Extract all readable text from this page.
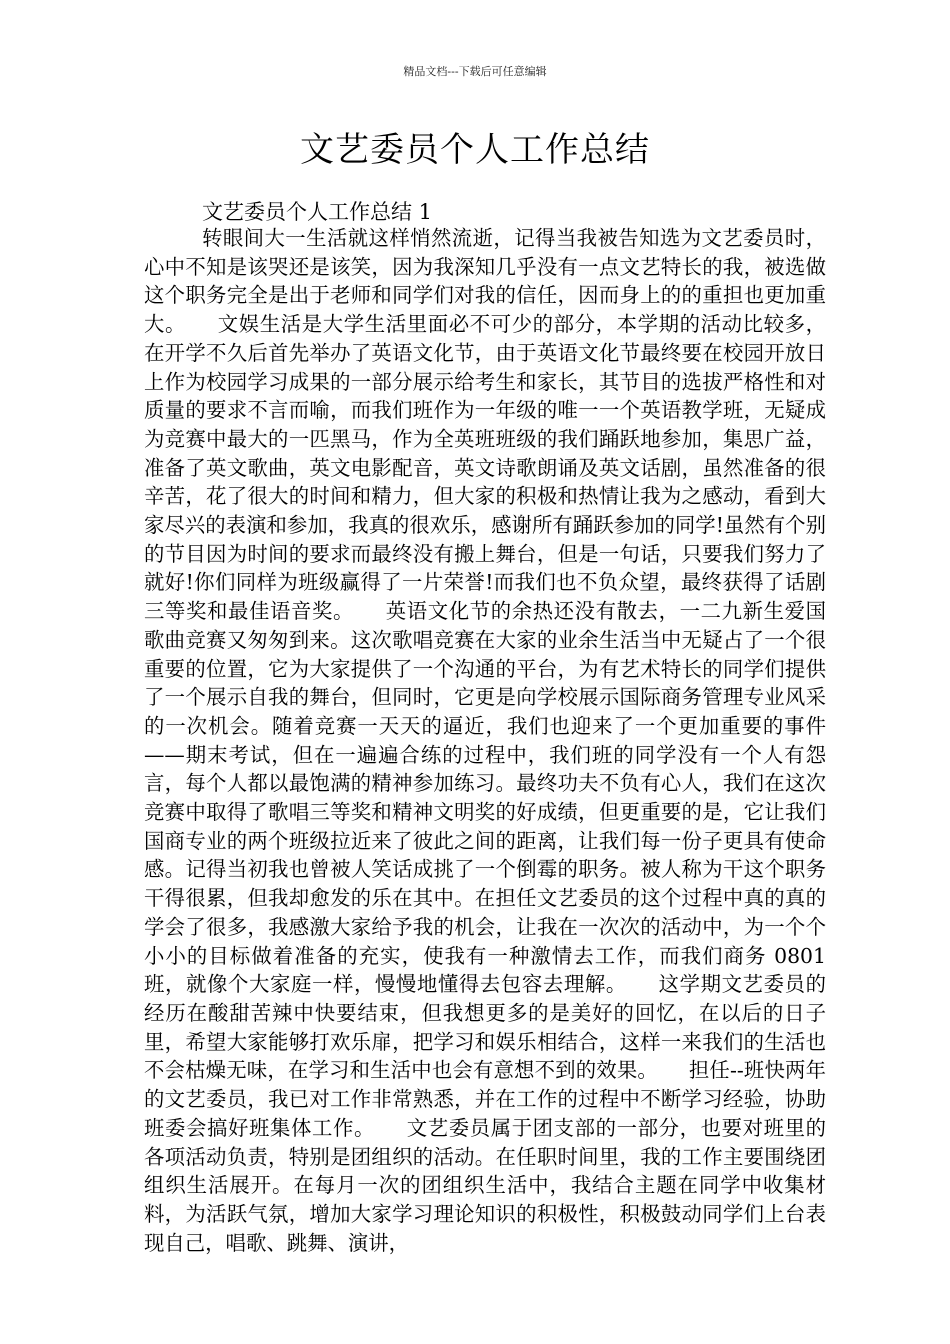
精品文档---下载后可任意编辑
文艺委员个人工作总结

文艺委员个人工作总结 1

转眼间大一生活就这样悄然流逝，记得当我被告知选为文艺委员时，心中不知是该哭还是该笑，因为我深知几乎没有一点文艺特长的我，被选做这个职务完全是出于老师和同学们对我的信任，因而身上的的重担也更加重大。　　文娱生活是大学生活里面必不可少的部分，本学期的活动比较多，在开学不久后首先举办了英语文化节，由于英语文化节最终要在校园开放日上作为校园学习成果的一部分展示给考生和家长，其节目的选拔严格性和对质量的要求不言而喻，而我们班作为一年级的唯一一个英语教学班，无疑成为竞赛中最大的一匹黑马，作为全英班班级的我们踊跃地参加，集思广益，准备了英文歌曲，英文电影配音，英文诗歌朗诵及英文话剧，虽然准备的很辛苦，花了很大的时间和精力，但大家的积极和热情让我为之感动，看到大家尽兴的表演和参加，我真的很欢乐，感谢所有踊跃参加的同学!虽然有个别的节目因为时间的要求而最终没有搬上舞台，但是一句话，只要我们努力了就好!你们同样为班级赢得了一片荣誉!而我们也不负众望，最终获得了话剧三等奖和最佳语音奖。　　英语文化节的余热还没有散去，一二九新生爱国歌曲竞赛又匆匆到来。这次歌唱竞赛在大家的业余生活当中无疑占了一个很重要的位置，它为大家提供了一个沟通的平台，为有艺术特长的同学们提供了一个展示自我的舞台，但同时，它更是向学校展示国际商务管理专业风采的一次机会。随着竞赛一天天的逼近，我们也迎来了一个更加重要的事件——期末考试，但在一遍遍合练的过程中，我们班的同学没有一个人有怨言，每个人都以最饱满的精神参加练习。最终功夫不负有心人，我们在这次竞赛中取得了歌唱三等奖和精神文明奖的好成绩，但更重要的是，它让我们国商专业的两个班级拉近来了彼此之间的距离，让我们每一份子更具有使命感。记得当初我也曾被人笑话成挑了一个倒霉的职务。被人称为干这个职务干得很累，但我却愈发的乐在其中。在担任文艺委员的这个过程中真的真的学会了很多，我感激大家给予我的机会，让我在一次次的活动中，为一个个小小的目标做着准备的充实，使我有一种激情去工作，而我们商务 0801 班，就像个大家庭一样，慢慢地懂得去包容去理解。　　这学期文艺委员的经历在酸甜苦辣中快要结束，但我想更多的是美好的回忆，在以后的日子里，希望大家能够打欢乐扉，把学习和娱乐相结合，这样一来我们的生活也不会枯燥无味，在学习和生活中也会有意想不到的效果。　　担任--班快两年的文艺委员，我已对工作非常熟悉，并在工作的过程中不断学习经验，协助班委会搞好班集体工作。　　文艺委员属于团支部的一部分，也要对班里的各项活动负责，特别是团组织的活动。在任职时间里，我的工作主要围绕团组织生活展开。在每月一次的团组织生活中，我结合主题在同学中收集材料，为活跃气氛，增加大家学习理论知识的积极性，积极鼓动同学们上台表现自己，唱歌、跳舞、演讲，
